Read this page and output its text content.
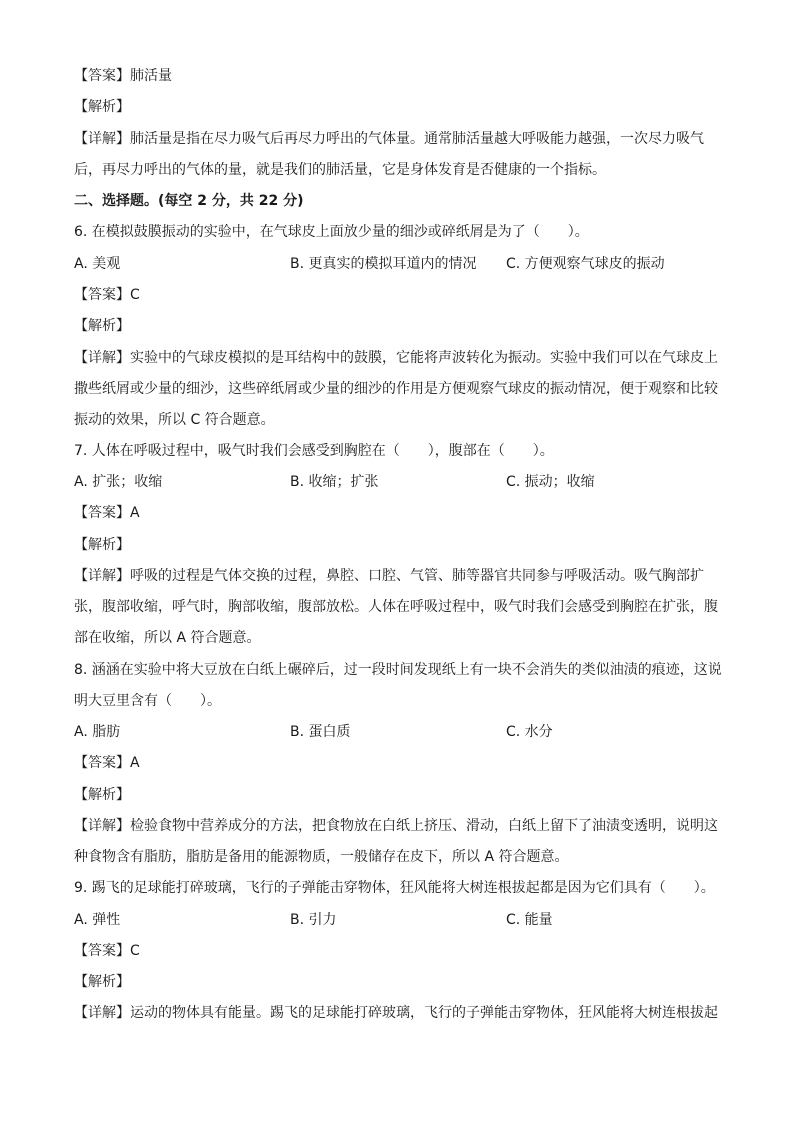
【答案】肺活量
【解析】
【详解】肺活量是指在尽力吸气后再尽力呼出的气体量。通常肺活量越大呼吸能力越强，一次尽力吸气
后，再尽力呼出的气体的量，就是我们的肺活量，它是身体发育是否健康的一个指标。
二、选择题。(每空 2 分，共 22 分)
6. 在模拟鼓膜振动的实验中，在气球皮上面放少量的细沙或碎纸屑是为了（　　）。
A. 美观	B. 更真实的模拟耳道内的情况 C. 方便观察气球皮的振动
【答案】C
【解析】
【详解】实验中的气球皮模拟的是耳结构中的鼓膜，它能将声波转化为振动。实验中我们可以在气球皮上
撒些纸屑或少量的细沙，这些碎纸屑或少量的细沙的作用是方便观察气球皮的振动情况，便于观察和比较
振动的效果，所以 C 符合题意。
7. 人体在呼吸过程中，吸气时我们会感受到胸腔在（　　），腹部在（　　）。
A. 扩张；收缩	B. 收缩；扩张	C. 振动；收缩
【答案】A
【解析】
【详解】呼吸的过程是气体交换的过程，鼻腔、口腔、气管、肺等器官共同参与呼吸活动。吸气胸部扩
张，腹部收缩，呼气时，胸部收缩，腹部放松。人体在呼吸过程中，吸气时我们会感受到胸腔在扩张，腹
部在收缩，所以 A 符合题意。
8. 涵涵在实验中将大豆放在白纸上碾碎后，过一段时间发现纸上有一块不会消失的类似油渍的痕迹，这说
明大豆里含有（　　）。
A. 脂肪	B. 蛋白质	C. 水分
【答案】A
【解析】
【详解】检验食物中营养成分的方法，把食物放在白纸上挤压、滑动，白纸上留下了油渍变透明，说明这
种食物含有脂肪，脂肪是备用的能源物质，一般储存在皮下，所以 A 符合题意。
9. 踢飞的足球能打碎玻璃，飞行的子弹能击穿物体，狂风能将大树连根拔起都是因为它们具有（　　）。
A. 弹性	B. 引力	C. 能量
【答案】C
【解析】
【详解】运动的物体具有能量。踢飞的足球能打碎玻璃，飞行的子弹能击穿物体，狂风能将大树连根拔起
